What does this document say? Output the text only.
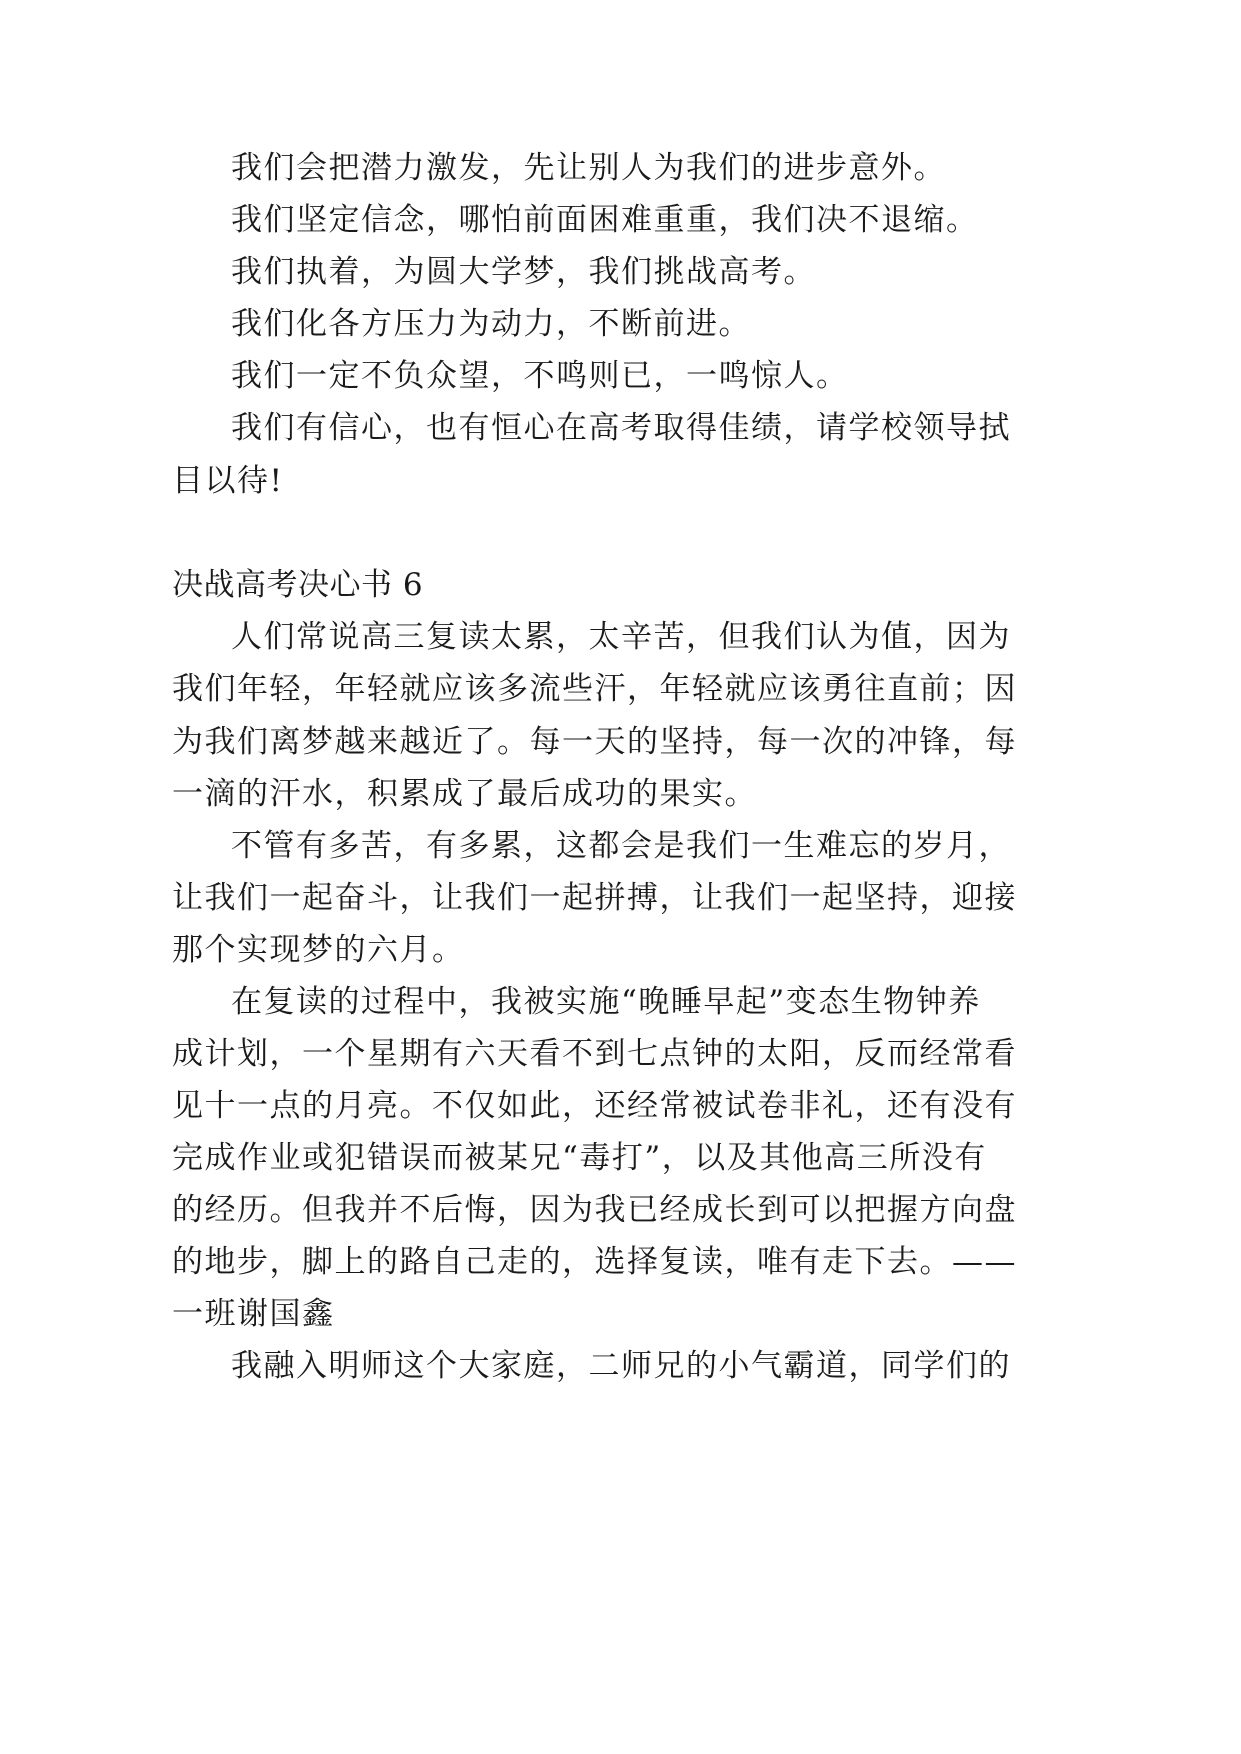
我们会把潜力激发，先让别人为我们的进步意外。
我们坚定信念，哪怕前面困难重重，我们决不退缩。
我们执着，为圆大学梦，我们挑战高考。
我们化各方压力为动力，不断前进。
我们一定不负众望，不鸣则已，一鸣惊人。
我们有信心，也有恒心在高考取得佳绩，请学校领导拭
目以待!
决战高考决心书 6
人们常说高三复读太累，太辛苦，但我们认为值，因为
我们年轻，年轻就应该多流些汗，年轻就应该勇往直前；因
为我们离梦越来越近了。每一天的坚持，每一次的冲锋，每
一滴的汗水，积累成了最后成功的果实。
不管有多苦，有多累，这都会是我们一生难忘的岁月，
让我们一起奋斗，让我们一起拼搏，让我们一起坚持，迎接
那个实现梦的六月。
在复读的过程中，我被实施“晚睡早起”变态生物钟养
成计划，一个星期有六天看不到七点钟的太阳，反而经常看
见十一点的月亮。不仅如此，还经常被试卷非礼，还有没有
完成作业或犯错误而被某兄“毒打”，以及其他高三所没有
的经历。但我并不后悔，因为我已经成长到可以把握方向盘
的地步，脚上的路自己走的，选择复读，唯有走下去。——
一班谢国鑫
我融入明师这个大家庭，二师兄的小气霸道，同学们的
